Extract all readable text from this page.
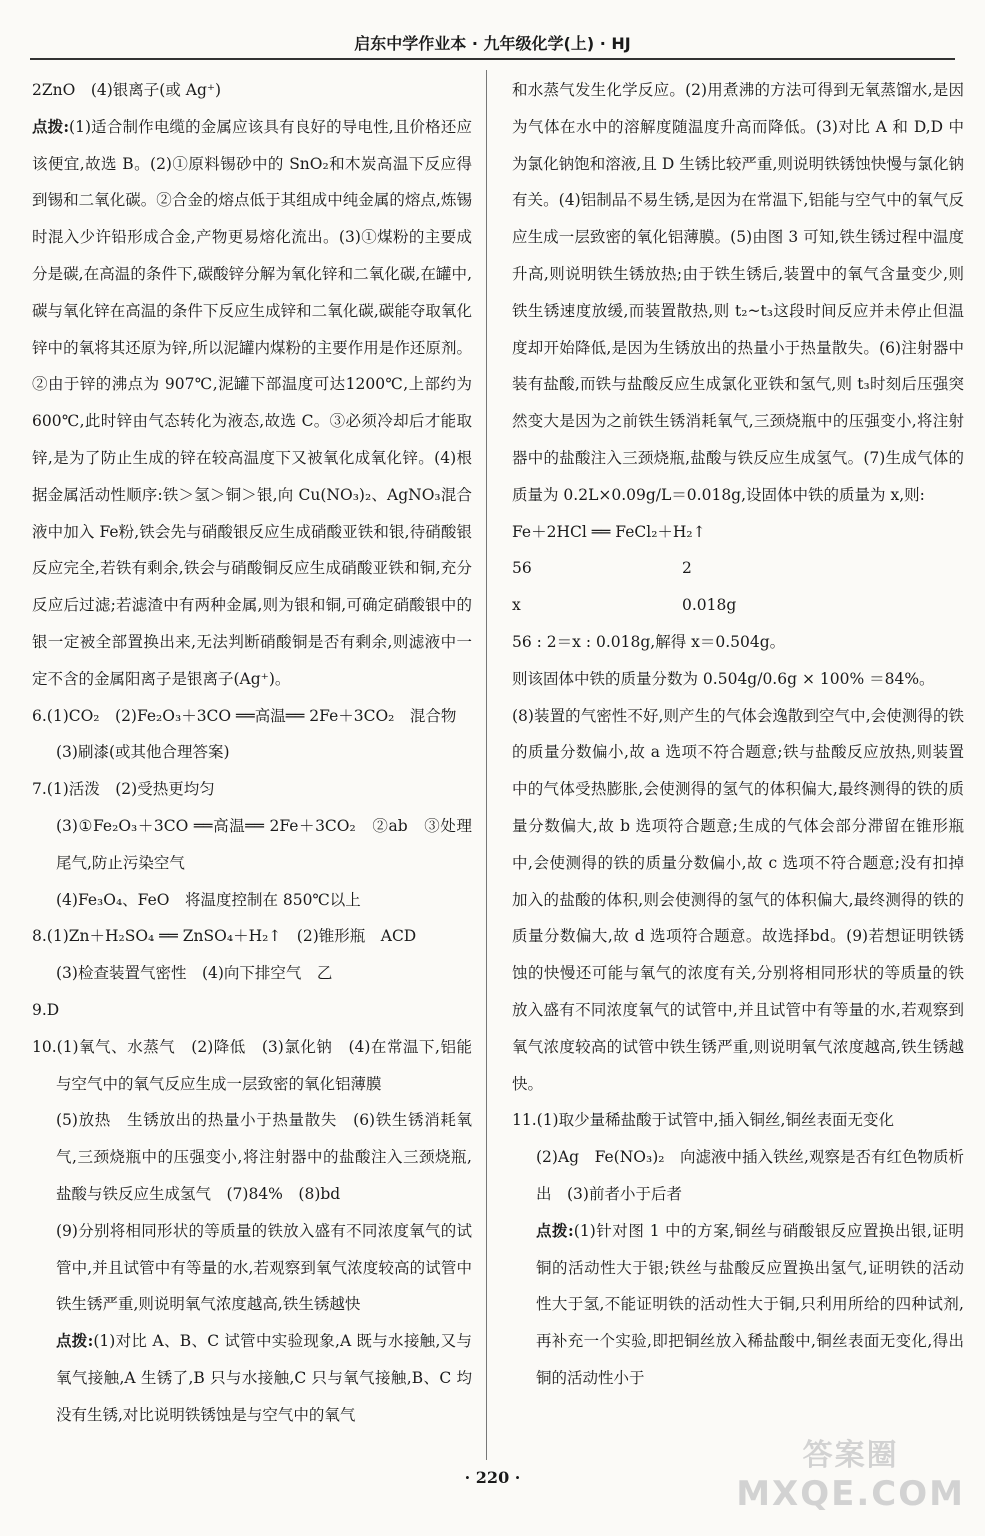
启东中学作业本 · 九年级化学(上) · HJ
2ZnO　(4)银离子(或 Ag⁺)
点拨:(1)适合制作电缆的金属应该具有良好的导电性,且价格还应该便宜,故选 B。(2)①原料锡砂中的 SnO₂和木炭高温下反应得到锡和二氧化碳。②合金的熔点低于其组成中纯金属的熔点,炼锡时混入少许铅形成合金,产物更易熔化流出。(3)①煤粉的主要成分是碳,在高温的条件下,碳酸锌分解为氧化锌和二氧化碳,在罐中,碳与氧化锌在高温的条件下反应生成锌和二氧化碳,碳能夺取氧化锌中的氧将其还原为锌,所以泥罐内煤粉的主要作用是作还原剂。②由于锌的沸点为 907℃,泥罐下部温度可达1200℃,上部约为 600℃,此时锌由气态转化为液态,故选 C。③必须冷却后才能取锌,是为了防止生成的锌在较高温度下又被氧化成氧化锌。(4)根据金属活动性顺序:铁＞氢＞铜＞银,向 Cu(NO₃)₂、AgNO₃混合液中加入 Fe粉,铁会先与硝酸银反应生成硝酸亚铁和银,待硝酸银反应完全,若铁有剩余,铁会与硝酸铜反应生成硝酸亚铁和铜,充分反应后过滤;若滤渣中有两种金属,则为银和铜,可确定硝酸银中的银一定被全部置换出来,无法判断硝酸铜是否有剩余,则滤液中一定不含的金属阳离子是银离子(Ag⁺)。
6.(1)CO₂　(2)Fe₂O₃＋3CO ══高温══ 2Fe＋3CO₂　混合物
(3)刷漆(或其他合理答案)
7.(1)活泼　(2)受热更均匀
(3)①Fe₂O₃＋3CO ══高温══ 2Fe＋3CO₂　②ab　③处理尾气,防止污染空气
(4)Fe₃O₄、FeO　将温度控制在 850℃以上
8.(1)Zn＋H₂SO₄ ══ ZnSO₄＋H₂↑　(2)锥形瓶　ACD
(3)检查装置气密性　(4)向下排空气　乙
9.D
10.(1)氧气、水蒸气　(2)降低　(3)氯化钠　(4)在常温下,铝能与空气中的氧气反应生成一层致密的氧化铝薄膜
(5)放热　生锈放出的热量小于热量散失　(6)铁生锈消耗氧气,三颈烧瓶中的压强变小,将注射器中的盐酸注入三颈烧瓶,盐酸与铁反应生成氢气　(7)84%　(8)bd
(9)分别将相同形状的等质量的铁放入盛有不同浓度氧气的试管中,并且试管中有等量的水,若观察到氧气浓度较高的试管中铁生锈严重,则说明氧气浓度越高,铁生锈越快
点拨:(1)对比 A、B、C 试管中实验现象,A 既与水接触,又与氧气接触,A 生锈了,B 只与水接触,C 只与氧气接触,B、C 均没有生锈,对比说明铁锈蚀是与空气中的氧气
和水蒸气发生化学反应。(2)用煮沸的方法可得到无氧蒸馏水,是因为气体在水中的溶解度随温度升高而降低。(3)对比 A 和 D,D 中为氯化钠饱和溶液,且 D 生锈比较严重,则说明铁锈蚀快慢与氯化钠有关。(4)铝制品不易生锈,是因为在常温下,铝能与空气中的氧气反应生成一层致密的氧化铝薄膜。(5)由图 3 可知,铁生锈过程中温度升高,则说明铁生锈放热;由于铁生锈后,装置中的氧气含量变少,则铁生锈速度放缓,而装置散热,则 t₂~t₃这段时间反应并未停止但温度却开始降低,是因为生锈放出的热量小于热量散失。(6)注射器中装有盐酸,而铁与盐酸反应生成氯化亚铁和氢气,则 t₃时刻后压强突然变大是因为之前铁生锈消耗氧气,三颈烧瓶中的压强变小,将注射器中的盐酸注入三颈烧瓶,盐酸与铁反应生成氢气。(7)生成气体的质量为 0.2L×0.09g/L＝0.018g,设固体中铁的质量为 x,则:
Fe＋2HCl ══ FeCl₂＋H₂↑
56	2
x	0.018g
56 : 2＝x : 0.018g,解得 x＝0.504g。
则该固体中铁的质量分数为 0.504g/0.6g × 100% ＝84%。
(8)装置的气密性不好,则产生的气体会逸散到空气中,会使测得的铁的质量分数偏小,故 a 选项不符合题意;铁与盐酸反应放热,则装置中的气体受热膨胀,会使测得的氢气的体积偏大,最终测得的铁的质量分数偏大,故 b 选项符合题意;生成的气体会部分滞留在锥形瓶中,会使测得的铁的质量分数偏小,故 c 选项不符合题意;没有扣掉加入的盐酸的体积,则会使测得的氢气的体积偏大,最终测得的铁的质量分数偏大,故 d 选项符合题意。故选择bd。(9)若想证明铁锈蚀的快慢还可能与氧气的浓度有关,分别将相同形状的等质量的铁放入盛有不同浓度氧气的试管中,并且试管中有等量的水,若观察到氧气浓度较高的试管中铁生锈严重,则说明氧气浓度越高,铁生锈越快。
11.(1)取少量稀盐酸于试管中,插入铜丝,铜丝表面无变化
(2)Ag　Fe(NO₃)₂　向滤液中插入铁丝,观察是否有红色物质析出　(3)前者小于后者
点拨:(1)针对图 1 中的方案,铜丝与硝酸银反应置换出银,证明铜的活动性大于银;铁丝与盐酸反应置换出氢气,证明铁的活动性大于氢,不能证明铁的活动性大于铜,只利用所给的四种试剂,再补充一个实验,即把铜丝放入稀盐酸中,铜丝表面无变化,得出铜的活动性小于
· 220 ·
答案圈
MXQE.COM
